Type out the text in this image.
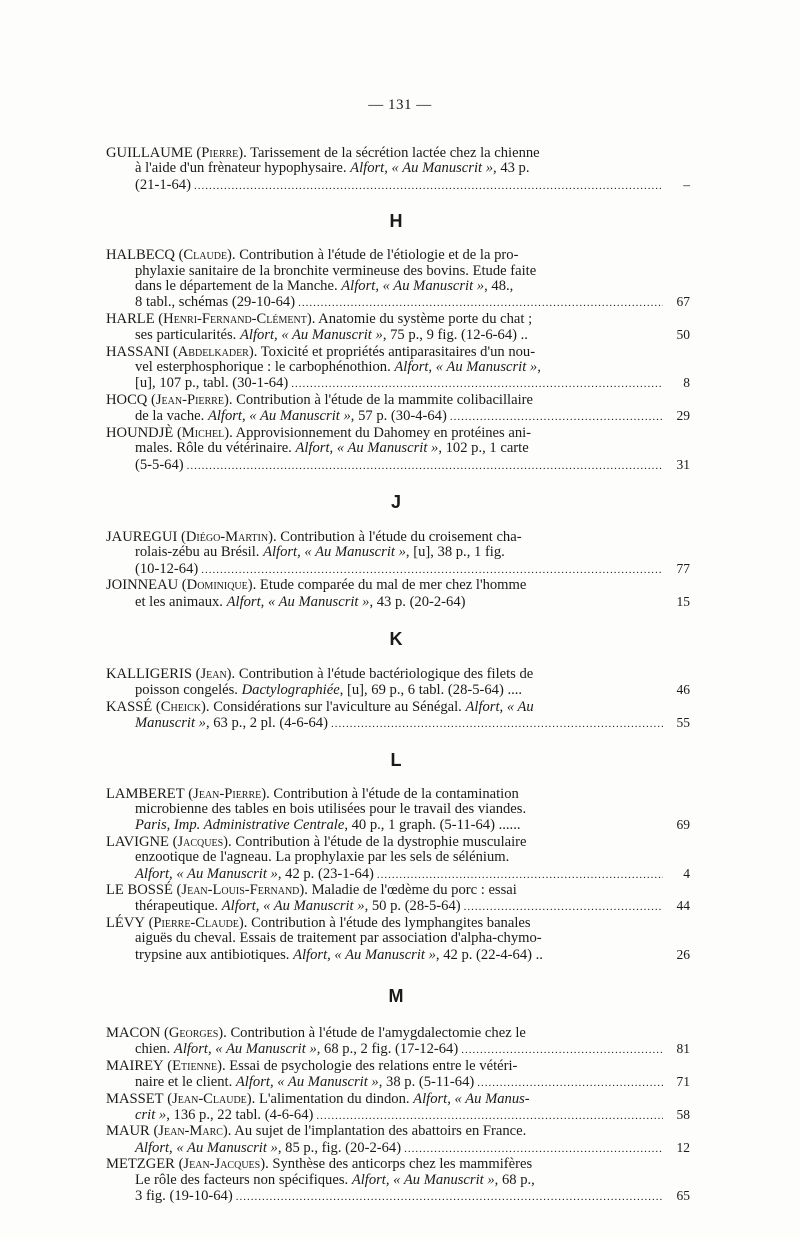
— 131 —
GUILLAUME (Pierre). Tarissement de la sécrétion lactée chez la chienne
à l'aide d'un frènateur hypophysaire. Alfort, « Au Manuscrit », 43 p.
(21-1-64) .....	–
H
HALBECQ (Claude). Contribution à l'étude de l'étiologie et de la pro-
phylaxie sanitaire de la bronchite vermineuse des bovins. Etude faite
dans le département de la Manche. Alfort, « Au Manuscrit », 48.,
8 tabl., schémas (29-10-64) .....	67
HARLE (Henri-Fernand-Clément). Anatomie du système porte du chat ;
ses particularités. Alfort, « Au Manuscrit », 75 p., 9 fig. (12-6-64) ..	50
HASSANI (Abdelkader). Toxicité et propriétés antiparasitaires d'un nou-
vel esterphosphorique : le carbophénothion. Alfort, « Au Manuscrit »,
[u], 107 p., tabl. (30-1-64) .....	8
HOCQ (Jean-Pierre). Contribution à l'étude de la mammite colibacillaire
de la vache. Alfort, « Au Manuscrit », 57 p. (30-4-64) .....	29
HOUNDJÈ (Michel). Approvisionnement du Dahomey en protéines ani-
males. Rôle du vétérinaire. Alfort, « Au Manuscrit », 102 p., 1 carte
(5-5-64) .....	31
J
JAUREGUI (Diégo-Martin). Contribution à l'étude du croisement cha-
rolais-zébu au Brésil. Alfort, « Au Manuscrit », [u], 38 p., 1 fig.
(10-12-64) .....	77
JOINNEAU (Dominique). Etude comparée du mal de mer chez l'homme
et les animaux. Alfort, « Au Manuscrit », 43 p. (20-2-64)	15
K
KALLIGERIS (Jean). Contribution à l'étude bactériologique des filets de
poisson congelés. Dactylographiée, [u], 69 p., 6 tabl. (28-5-64) ....	46
KASSÉ (Cheick). Considérations sur l'aviculture au Sénégal. Alfort, « Au
Manuscrit », 63 p., 2 pl. (4-6-64) .....	55
L
LAMBERET (Jean-Pierre). Contribution à l'étude de la contamination
microbienne des tables en bois utilisées pour le travail des viandes.
Paris, Imp. Administrative Centrale, 40 p., 1 graph. (5-11-64) ......	69
LAVIGNE (Jacques). Contribution à l'étude de la dystrophie musculaire
enzootique de l'agneau. La prophylaxie par les sels de sélénium.
Alfort, « Au Manuscrit », 42 p. (23-1-64) .....	4
LE BOSSÉ (Jean-Louis-Fernand). Maladie de l'œdème du porc : essai
thérapeutique. Alfort, « Au Manuscrit », 50 p. (28-5-64) .....	44
LÉVY (Pierre-Claude). Contribution à l'étude des lymphangites banales
aiguës du cheval. Essais de traitement par association d'alpha-chymo-
trypsine aux antibiotiques. Alfort, « Au Manuscrit », 42 p. (22-4-64) ..	26
M
MACON (Georges). Contribution à l'étude de l'amygdalectomie chez le
chien. Alfort, « Au Manuscrit », 68 p., 2 fig. (17-12-64) .....	81
MAIREY (Etienne). Essai de psychologie des relations entre le vétéri-
naire et le client. Alfort, « Au Manuscrit », 38 p. (5-11-64) .....	71
MASSET (Jean-Claude). L'alimentation du dindon. Alfort, « Au Manus-
crit », 136 p., 22 tabl. (4-6-64) .....	58
MAUR (Jean-Marc). Au sujet de l'implantation des abattoirs en France.
Alfort, « Au Manuscrit », 85 p., fig. (20-2-64) .....	12
METZGER (Jean-Jacques). Synthèse des anticorps chez les mammifères
Le rôle des facteurs non spécifiques. Alfort, « Au Manuscrit », 68 p.,
3 fig. (19-10-64) .....	65
